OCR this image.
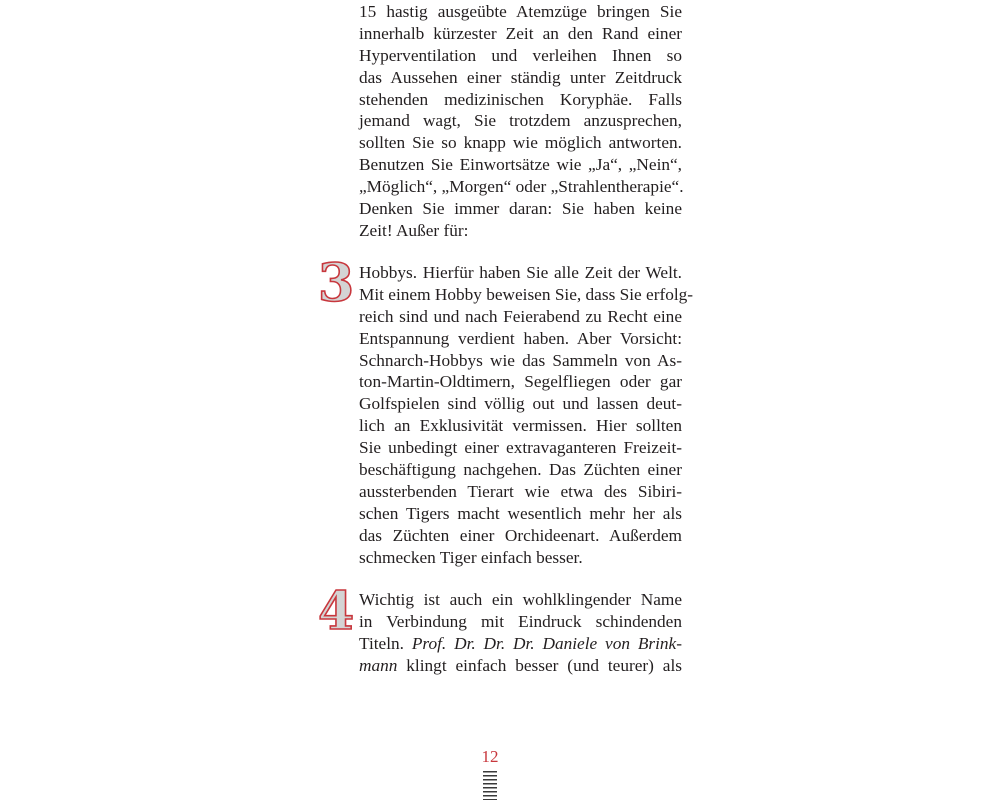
15 hastig ausgeübte Atemzüge bringen Sie
innerhalb kürzester Zeit an den Rand einer
Hyperventilation und verleihen Ihnen so
das Aussehen einer ständig unter Zeitdruck
stehenden medizinischen Koryphäe. Falls
jemand wagt, Sie trotzdem anzusprechen,
sollten Sie so knapp wie möglich antworten.
Benutzen Sie Einwortsätze wie „Ja“, „Nein“,
„Möglich“, „Morgen“ oder „Strahlentherapie“.
Denken Sie immer daran: Sie haben keine
Zeit! Außer für:
3 Hobbys. Hierfür haben Sie alle Zeit der Welt.
Mit einem Hobby beweisen Sie, dass Sie erfolg-
reich sind und nach Feierabend zu Recht eine
Entspannung verdient haben. Aber Vorsicht:
Schnarch-Hobbys wie das Sammeln von As-
ton-Martin-Oldtimern, Segelfliegen oder gar
Golfspielen sind völlig out und lassen deut-
lich an Exklusivität vermissen. Hier sollten
Sie unbedingt einer extravaganteren Freizeit-
beschäftigung nachgehen. Das Züchten einer
aussterbenden Tierart wie etwa des Sibiri-
schen Tigers macht wesentlich mehr her als
das Züchten einer Orchideenart. Außerdem
schmecken Tiger einfach besser.
4 Wichtig ist auch ein wohlklingender Name
in Verbindung mit Eindruck schindenden
Titeln. Prof. Dr. Dr. Dr. Daniele von Brink-
mann klingt einfach besser (und teurer) als
12
